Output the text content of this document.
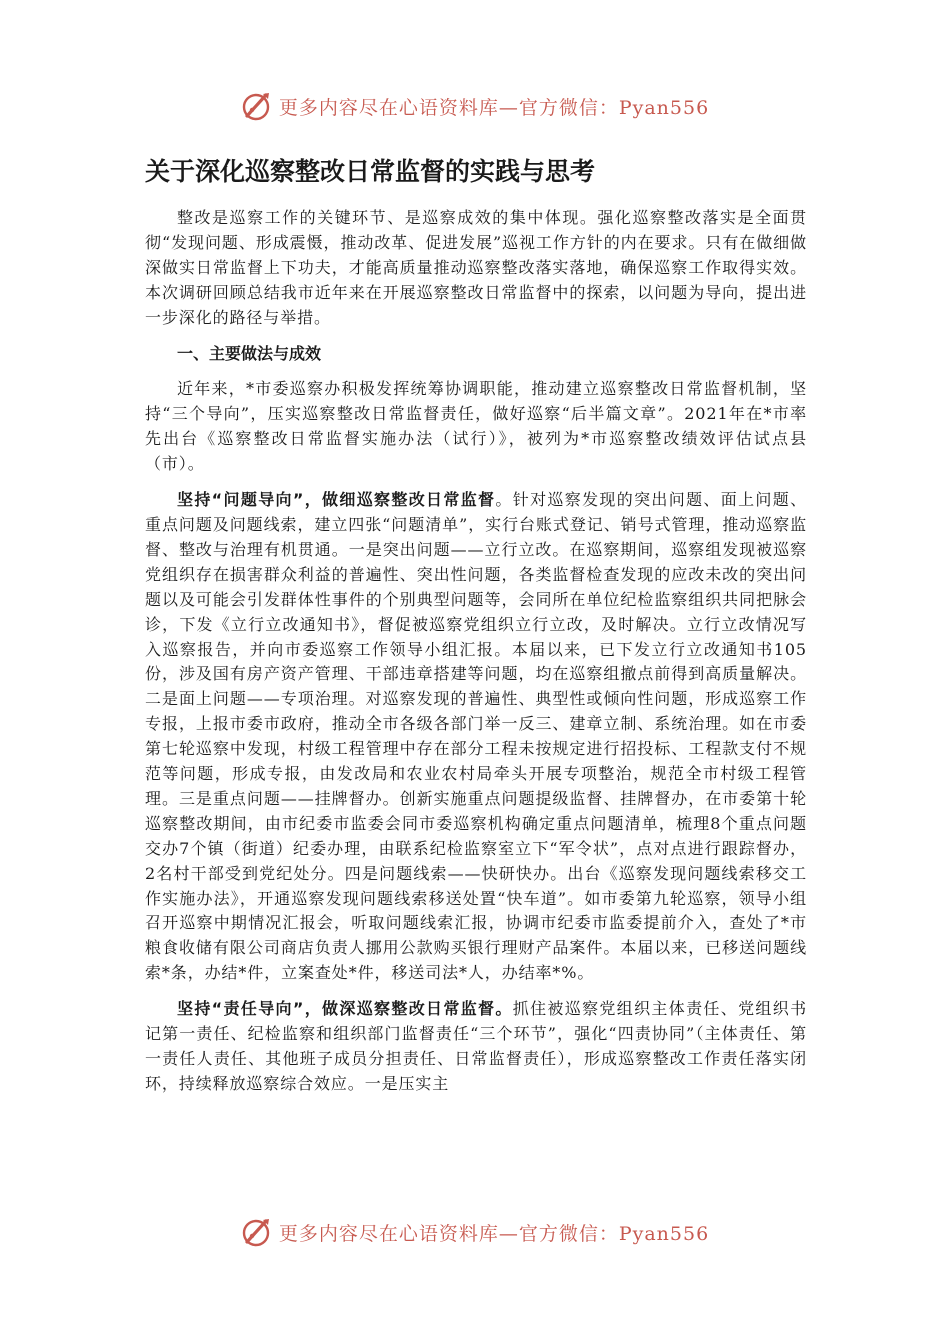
更多内容尽在心语资料库—官方微信：Pyan556
关于深化巡察整改日常监督的实践与思考

整改是巡察工作的关键环节、是巡察成效的集中体现。强化巡察整改落实是全面贯彻“发现问题、形成震慑，推动改革、促进发展”巡视工作方针的内在要求。只有在做细做深做实日常监督上下功夫，才能高质量推动巡察整改落实落地，确保巡察工作取得实效。本次调研回顾总结我市近年来在开展巡察整改日常监督中的探索，以问题为导向，提出进一步深化的路径与举措。

一、主要做法与成效

近年来，*市委巡察办积极发挥统筹协调职能，推动建立巡察整改日常监督机制，坚持“三个导向”，压实巡察整改日常监督责任，做好巡察“后半篇文章”。2021年在*市率先出台《巡察整改日常监督实施办法（试行）》，被列为*市巡察整改绩效评估试点县（市）。

坚持“问题导向”，做细巡察整改日常监督。针对巡察发现的突出问题、面上问题、重点问题及问题线索，建立四张“问题清单”，实行台账式登记、销号式管理，推动巡察监督、整改与治理有机贯通。一是突出问题——立行立改。在巡察期间，巡察组发现被巡察党组织存在损害群众利益的普遍性、突出性问题，各类监督检查发现的应改未改的突出问题以及可能会引发群体性事件的个别典型问题等，会同所在单位纪检监察组织共同把脉会诊，下发《立行立改通知书》，督促被巡察党组织立行立改，及时解决。立行立改情况写入巡察报告，并向市委巡察工作领导小组汇报。本届以来，已下发立行立改通知书105份，涉及国有房产资产管理、干部违章搭建等问题，均在巡察组撤点前得到高质量解决。二是面上问题——专项治理。对巡察发现的普遍性、典型性或倾向性问题，形成巡察工作专报，上报市委市政府，推动全市各级各部门举一反三、建章立制、系统治理。如在市委第七轮巡察中发现，村级工程管理中存在部分工程未按规定进行招投标、工程款支付不规范等问题，形成专报，由发改局和农业农村局牵头开展专项整治，规范全市村级工程管理。三是重点问题——挂牌督办。创新实施重点问题提级监督、挂牌督办，在市委第十轮巡察整改期间，由市纪委市监委会同市委巡察机构确定重点问题清单，梳理8个重点问题交办7个镇（街道）纪委办理，由联系纪检监察室立下“军令状”，点对点进行跟踪督办，2名村干部受到党纪处分。四是问题线索——快研快办。出台《巡察发现问题线索移交工作实施办法》，开通巡察发现问题线索移送处置“快车道”。如市委第九轮巡察，领导小组召开巡察中期情况汇报会，听取问题线索汇报，协调市纪委市监委提前介入，查处了*市粮食收储有限公司商店负责人挪用公款购买银行理财产品案件。本届以来，已移送问题线索*条，办结*件，立案查处*件，移送司法*人，办结率*%。

坚持“责任导向”，做深巡察整改日常监督。抓住被巡察党组织主体责任、党组织书记第一责任、纪检监察和组织部门监督责任“三个环节”，强化“四责协同”（主体责任、第一责任人责任、其他班子成员分担责任、日常监督责任），形成巡察整改工作责任落实闭环，持续释放巡察综合效应。一是压实主

更多内容尽在心语资料库—官方微信：Pyan556
